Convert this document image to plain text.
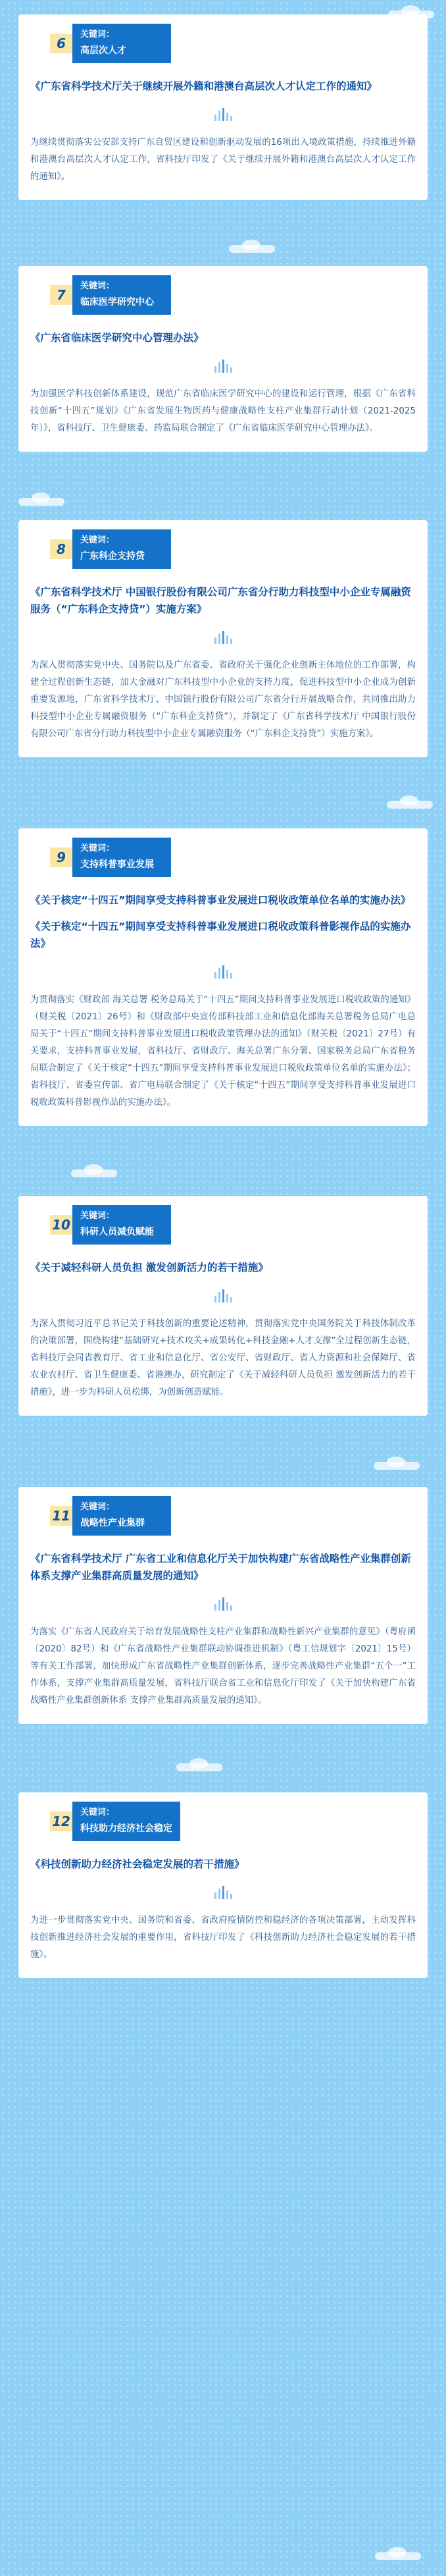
6
关键词：
高层次人才
《广东省科学技术厅关于继续开展外籍和港澳台高层次人才认定工作的通知》
为继续贯彻落实公安部支持广东自贸区建设和创新驱动发展的16项出入境政策措施，持续推进外籍和港澳台高层次人才认定工作，省科技厅印发了《关于继续开展外籍和港澳台高层次人才认定工作的通知》。
7
关键词：
临床医学研究中心
《广东省临床医学研究中心管理办法》
为加强医学科技创新体系建设，规范广东省临床医学研究中心的建设和运行管理，根据《广东省科技创新“十四五”规划》《广东省发展生物医药与健康战略性支柱产业集群行动计划（2021-2025年）》，省科技厅、卫生健康委、药监局联合制定了《广东省临床医学研究中心管理办法》。
8
关键词：
广东科企支持贷
《广东省科学技术厅 中国银行股份有限公司广东省分行助力科技型中小企业专属融资服务（“广东科企支持贷”）实施方案》
为深入贯彻落实党中央、国务院以及广东省委、省政府关于强化企业创新主体地位的工作部署，构建全过程创新生态链，加大金融对广东科技型中小企业的支持力度，促进科技型中小企业成为创新重要发源地，广东省科学技术厅、中国银行股份有限公司广东省分行开展战略合作，共同推出助力科技型中小企业专属融资服务（“广东科企支持贷”），并制定了《广东省科学技术厅 中国银行股份有限公司广东省分行助力科技型中小企业专属融资服务（“广东科企支持贷”）实施方案》。
9
关键词：
支持科普事业发展
《关于核定“十四五”期间享受支持科普事业发展进口税收政策单位名单的实施办法》
《关于核定“十四五”期间享受支持科普事业发展进口税收政策科普影视作品的实施办法》
为贯彻落实《财政部 海关总署 税务总局关于“十四五”期间支持科普事业发展进口税收政策的通知》（财关税〔2021〕26号）和《财政部中央宣传部科技部工业和信息化部海关总署税务总局广电总局关于“十四五”期间支持科普事业发展进口税收政策管理办法的通知》（财关税〔2021〕27号）有关要求，支持科普事业发展，省科技厅、省财政厅、海关总署广东分署、国家税务总局广东省税务局联合制定了《关于核定“十四五”期间享受支持科普事业发展进口税收政策单位名单的实施办法》；省科技厅、省委宣传部、省广电局联合制定了《关于核定“十四五”期间享受支持科普事业发展进口税收政策科普影视作品的实施办法》。
10
关键词：
科研人员减负赋能
《关于减轻科研人员负担 激发创新活力的若干措施》
为深入贯彻习近平总书记关于科技创新的重要论述精神，贯彻落实党中央国务院关于科技体制改革的决策部署，围绕构建“基础研究+技术攻关+成果转化+科技金融+人才支撑”全过程创新生态链，省科技厅会同省教育厅、省工业和信息化厅、省公安厅、省财政厅、省人力资源和社会保障厅、省农业农村厅、省卫生健康委、省港澳办，研究制定了《关于减轻科研人员负担 激发创新活力的若干措施》，进一步为科研人员松绑，为创新创造赋能。
11
关键词：
战略性产业集群
《广东省科学技术厅 广东省工业和信息化厅关于加快构建广东省战略性产业集群创新体系支撑产业集群高质量发展的通知》
为落实《广东省人民政府关于培育发展战略性支柱产业集群和战略性新兴产业集群的意见》（粤府函〔2020〕82号）和《广东省战略性产业集群联动协调推进机制》（粤工信规划字〔2021〕15号）等有关工作部署，加快形成广东省战略性产业集群创新体系，逐步完善战略性产业集群“五个一”工作体系，支撑产业集群高质量发展，省科技厅联合省工业和信息化厅印发了《关于加快构建广东省战略性产业集群创新体系 支撑产业集群高质量发展的通知》。
12
关键词：
科技助力经济社会稳定
《科技创新助力经济社会稳定发展的若干措施》
为进一步贯彻落实党中央、国务院和省委、省政府疫情防控和稳经济的各项决策部署，主动发挥科技创新推进经济社会发展的重要作用，省科技厅印发了《科技创新助力经济社会稳定发展的若干措施》。
